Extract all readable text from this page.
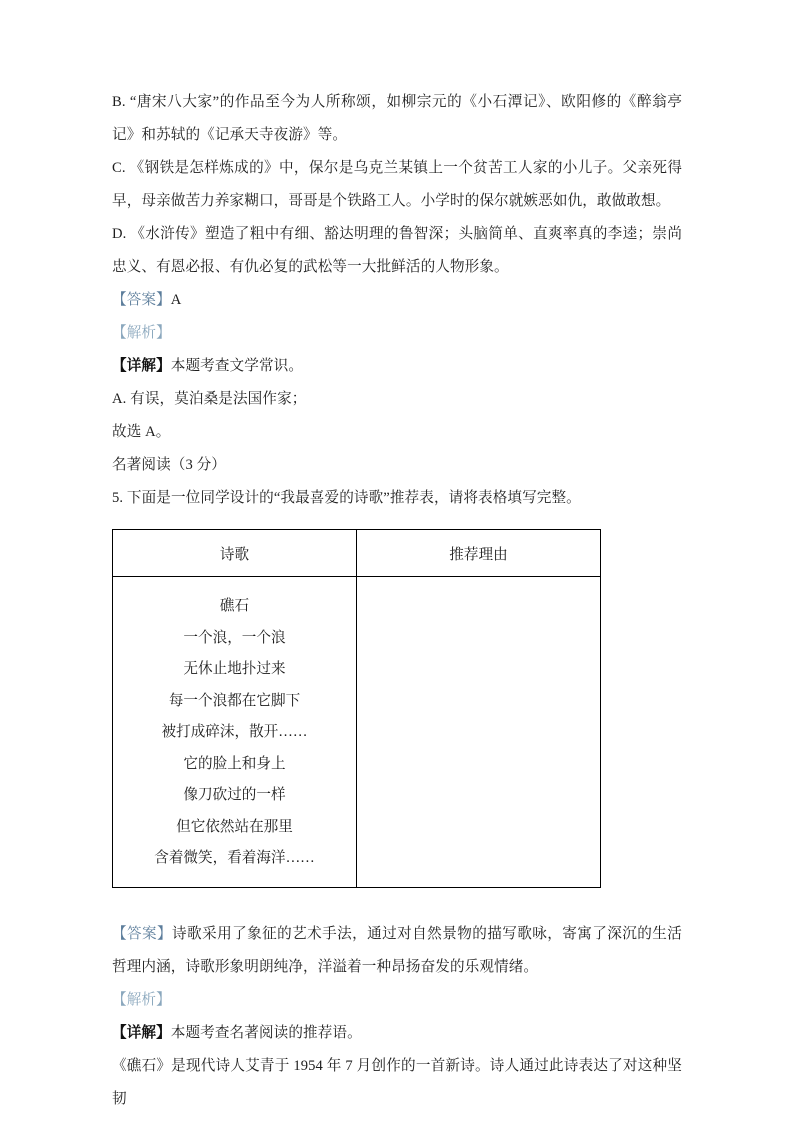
B. “唐宋八大家”的作品至今为人所称颂，如柳宗元的《小石潭记》、欧阳修的《醉翁亭记》和苏轼的《记承天寺夜游》等。

C. 《钢铁是怎样炼成的》中，保尔是乌克兰某镇上一个贫苦工人家的小儿子。父亲死得早，母亲做苦力养家糊口，哥哥是个铁路工人。小学时的保尔就嫉恶如仇，敢做敢想。

D. 《水浒传》塑造了粗中有细、豁达明理的鲁智深；头脑简单、直爽率真的李逵；崇尚忠义、有恩必报、有仇必复的武松等一大批鲜活的人物形象。

【答案】A

【解析】

【详解】本题考查文学常识。

A. 有误，莫泊桑是法国作家；

故选 A。

名著阅读（3 分）

5. 下面是一位同学设计的“我最喜爱的诗歌”推荐表，请将表格填写完整。

诗歌	推荐理由

礁石
一个浪，一个浪
无休止地扑过来
每一个浪都在它脚下
被打成碎沫，散开……
它的脸上和身上
像刀砍过的一样
但它依然站在那里
含着微笑，看着海洋……

【答案】诗歌采用了象征的艺术手法，通过对自然景物的描写歌咏，寄寓了深沉的生活哲理内涵，诗歌形象明朗纯净，洋溢着一种昂扬奋发的乐观情绪。

【解析】

【详解】本题考查名著阅读的推荐语。

《礁石》是现代诗人艾青于 1954 年 7 月创作的一首新诗。诗人通过此诗表达了对这种坚韧
